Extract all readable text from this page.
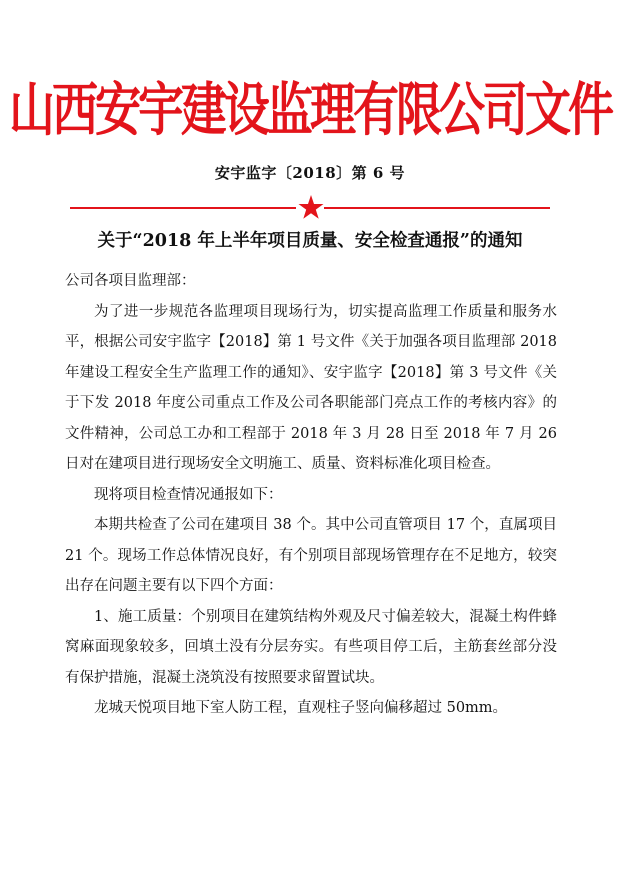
山西安宇建设监理有限公司文件
安宇监字〔2018〕第 6 号
关于“2018 年上半年项目质量、安全检查通报”的通知

公司各项目监理部：

为了进一步规范各监理项目现场行为，切实提高监理工作质量和服务水平，根据公司安宇监字【2018】第 1 号文件《关于加强各项目监理部 2018 年建设工程安全生产监理工作的通知》、安宇监字【2018】第 3 号文件《关于下发 2018 年度公司重点工作及公司各职能部门亮点工作的考核内容》的文件精神，公司总工办和工程部于 2018 年 3 月 28 日至 2018 年 7 月 26 日对在建项目进行现场安全文明施工、质量、资料标准化项目检查。

现将项目检查情况通报如下：

本期共检查了公司在建项目 38 个。其中公司直管项目 17 个，直属项目 21 个。现场工作总体情况良好，有个别项目部现场管理存在不足地方，较突出存在问题主要有以下四个方面：

1、施工质量：个别项目在建筑结构外观及尺寸偏差较大，混凝土构件蜂窝麻面现象较多，回填土没有分层夯实。有些项目停工后，主筋套丝部分没有保护措施，混凝土浇筑没有按照要求留置试块。

龙城天悦项目地下室人防工程，直观柱子竖向偏移超过 50mm。
